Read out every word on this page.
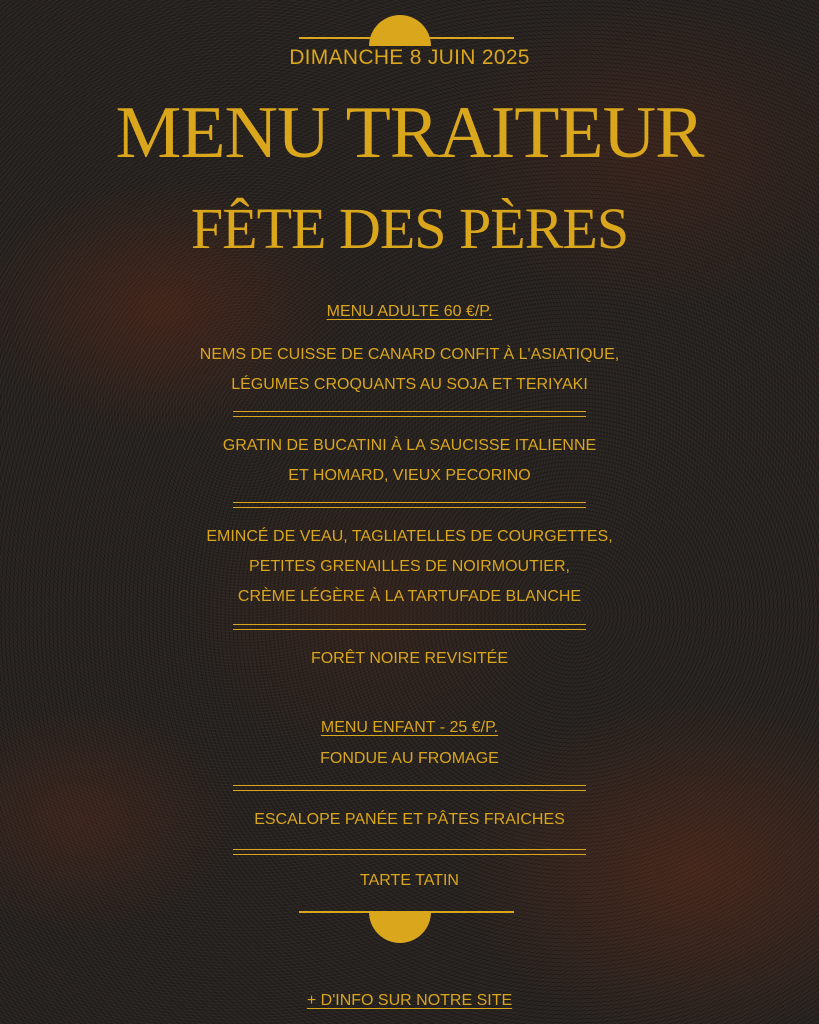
DIMANCHE 8 JUIN 2025
MENU TRAITEUR
FÊTE DES PÈRES
MENU ADULTE 60 €/P.
NEMS DE CUISSE DE CANARD CONFIT À L'ASIATIQUE,
LÉGUMES CROQUANTS AU SOJA ET TERIYAKI
GRATIN DE BUCATINI À LA SAUCISSE ITALIENNE
ET HOMARD, VIEUX PECORINO
EMINCÉ DE VEAU, TAGLIATELLES DE COURGETTES,
PETITES GRENAILLES DE NOIRMOUTIER,
CRÈME LÉGÈRE À LA TARTUFADE BLANCHE
FORÊT NOIRE REVISITÉE
MENU ENFANT - 25 €/P.
FONDUE AU FROMAGE
ESCALOPE PANÉE ET PÂTES FRAICHES
TARTE TATIN
+ D'INFO SUR NOTRE SITE
